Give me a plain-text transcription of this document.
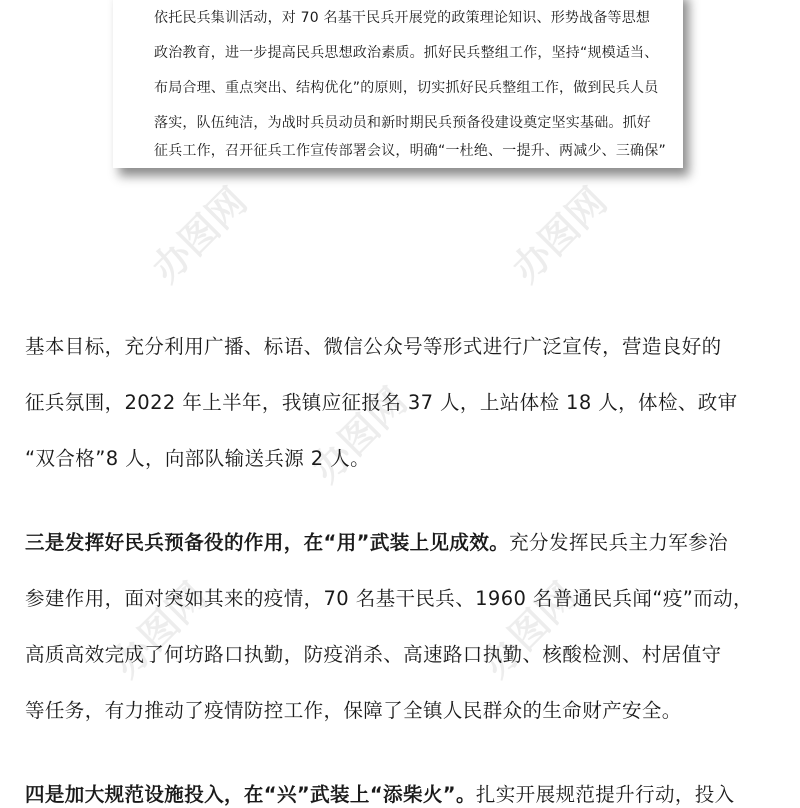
依托民兵集训活动，对 70 名基干民兵开展党的政策理论知识、形势战备等思想

政治教育，进一步提高民兵思想政治素质。抓好民兵整组工作，坚持“规模适当、

布局合理、重点突出、结构优化”的原则，切实抓好民兵整组工作，做到民兵人员

落实，队伍纯洁，为战时兵员动员和新时期民兵预备役建设奠定坚实基础。抓好

征兵工作，召开征兵工作宣传部署会议，明确“一杜绝、一提升、两减少、三确保”

基本目标，充分利用广播、标语、微信公众号等形式进行广泛宣传，营造良好的
征兵氛围，2022 年上半年，我镇应征报名 37 人，上站体检 18 人，体检、政审
“双合格”8 人，向部队输送兵源 2 人。
三是发挥好民兵预备役的作用，在“用”武装上见成效。充分发挥民兵主力军参治
参建作用，面对突如其来的疫情，70 名基干民兵、1960 名普通民兵闻“疫”而动，
高质高效完成了何坊路口执勤，防疫消杀、高速路口执勤、核酸检测、村居值守
等任务，有力推动了疫情防控工作，保障了全镇人民群众的生命财产安全。
四是加大规范设施投入，在“兴”武装上“添柴火”。扎实开展规范提升行动，投入
办图网	办图网
办图网
办图网	办图网
